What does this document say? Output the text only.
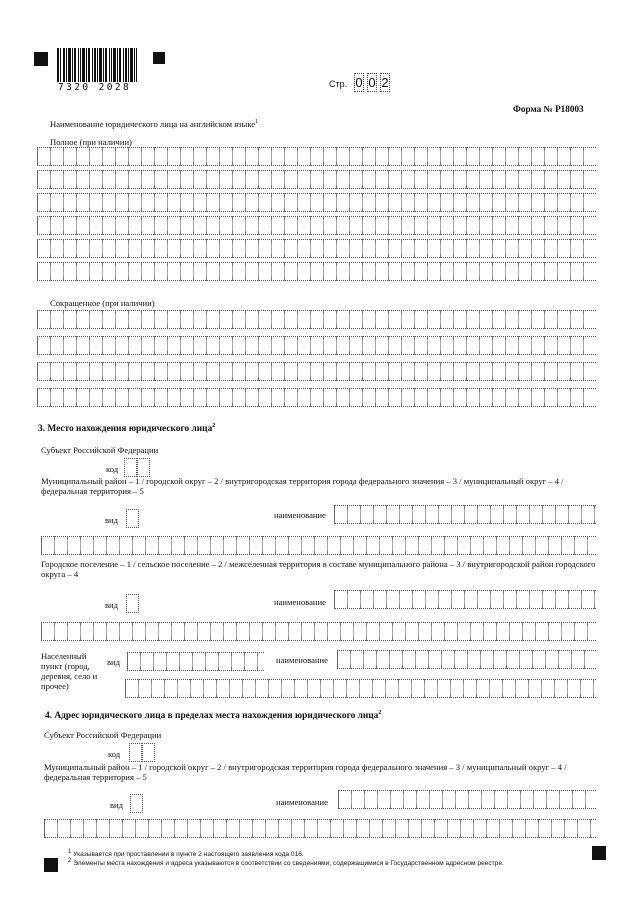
7320 2028	Стр. 0 0 2
Форма № Р18003
Наименование юридического лица на английском языке$^1$
Полное (при наличии)
Сокращенное (при наличии)
3. Место нахождения юридического лица$^2$
Субъект Российской Федерации
код
Муниципальный район – 1 / городской округ – 2 / внутригородская территория города федерального значения – 3 / муниципальный округ – 4 / федеральная территория – 5
вид	наименование
Городское поселение – 1 / сельское поселение – 2 / межселенная территория в составе муниципального района – 3 / внутригородской район городского округа – 4
вид	наименование
Населенный пункт (город, деревня, село и прочее)
вид	наименование
4. Адрес юридического лица в пределах места нахождения юридического лица$^2$
Субъект Российской Федерации
код
Муниципальный район – 1 / городской округ – 2 / внутригородская территория города федерального значения – 3 / муниципальный округ – 4 / федеральная территория – 5
вид	наименование
$^1$ Указывается при проставлении в пункте 2 настоящего заявления кода 016.
$^2$ Элементы места нахождения и адреса указываются в соответствии со сведениями, содержащимися в Государственном адресном реестре.
